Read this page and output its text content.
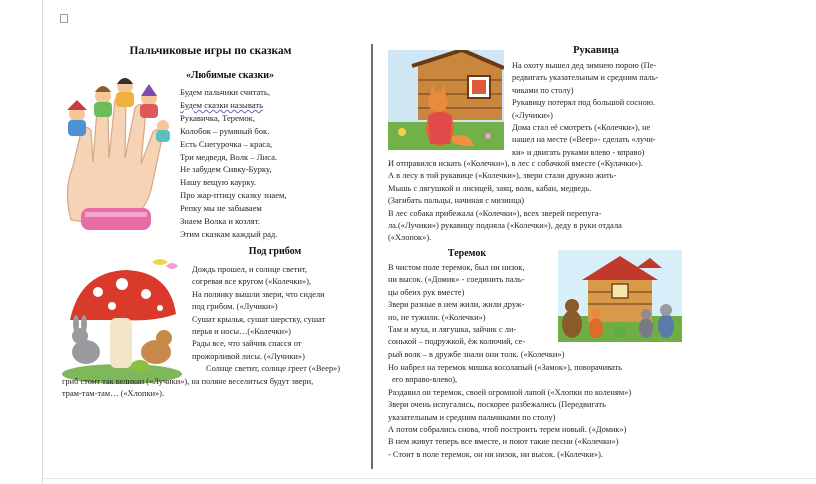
Пальчиковые игры по сказкам
«Любимые сказки»
Будем пальчики считать,
Будем сказки называть
Рукавичка, Теремок,
Колобок – румяный бок.
Есть Снегурочка – краса,
Три медведя, Волк – Лиса.
Не забудем Сивку-Бурку,
Нашу вещую каурку.
Про жар-птицу сказку знаем,
Репку мы не забываем
Знаем Волка и козлят.
Этим сказкам каждый рад.
Под грибом
Дождь прошел, и солнце светит,
согревая все кругом («Колечки»),
На полянку вышли звери, что сидели
под грибом. («Лучики»)
Сушат крылья, сушат шерстку, сушат
перья и носы…(«Колечки»)
Рады все, что зайчик спасся от
прожорливой лисы. («Лучики»)
Солнце светит, солнце греет («Веер»)
гриб стоит так великан («Лучики»), на поляне веселиться будут звери,
трам-там-там… («Хлопки»).
Рукавица
На охоту вышел дед зимнею порою (Пе-
редвигать указательным и средним паль-
чиками по столу)
Рукавицу потерял под большой сосною.
(«Лучики»)
Дома стал её смотреть («Колечки»), не
нашел на месте («Веер»- сделать «лучи-
ки» и двигать руками влево - вправо)
И отправился искать («Колечки»), в лес с собачкой вместе («Кулачки»).
А в лесу в той рукавице («Колечки»), звери стали дружно жить-
Мышь с лягушкой и лисицей, заяц, волк, кабан, медведь.
(Загибать пальцы, начиная с мизинца)
В лес собака прибежала («Колечки»), всех зверей перепуга-
ла.(«Лучики») рукавицу подняла («Колечки»), деду в руки отдала
(«Хлопок»).
Теремок
В чистом поле теремок, был ни низок,
ни высок. («Домик» - соединить паль-
цы обеих рук вместе)
Звери разные в нем жили, жили друж-
но, не тужили. («Колечки»)
Там и муха, и лягушка, зайчик с ли-
сонькой – подружкой, ёж колючий, се-
рый волк – в дружбе знали они толк. («Колечки»)
Но набрел на теремок мишка косолапый («Замок»), поворачивать
его вправо-влево),
Раздавил он теремок, своей огромной лапой («Хлопки по коленям»)
Звери очень испугались, поскорее разбежались (Передвигать
указательным и средним пальчиками по столу)
А потом собрались снова, чтоб построить терем новый. («Домик»)
В нем живут теперь все вместе, и поют такие песни («Колечки»)
- Стоит в поле теремок, он ни низок, ни высок. («Колечки»).
